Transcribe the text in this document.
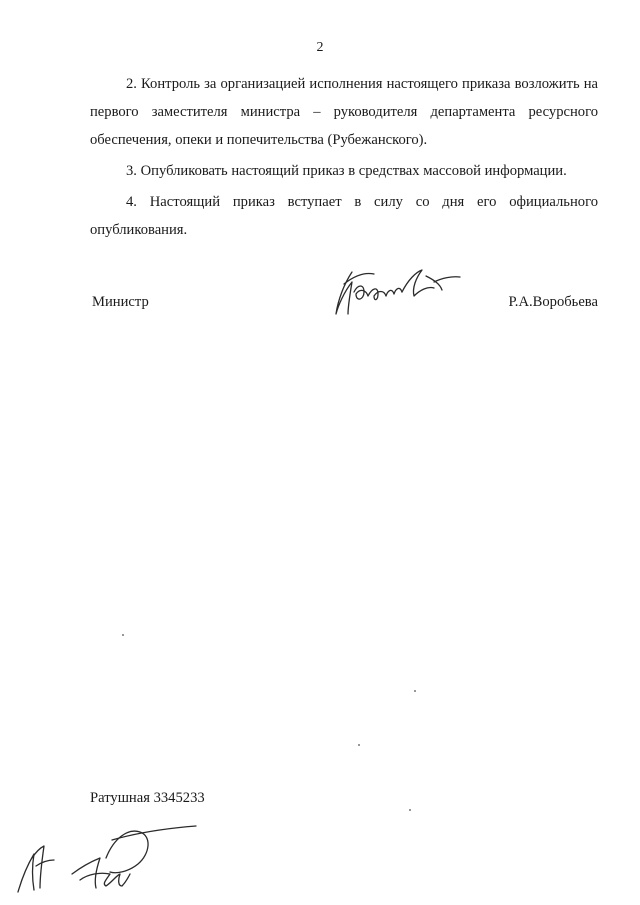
2

2. Контроль за организацией исполнения настоящего приказа возложить на первого заместителя министра – руководителя департамента ресурсного обеспечения, опеки и попечительства (Рубежанского).

3. Опубликовать настоящий приказ в средствах массовой информации.

4. Настоящий приказ вступает в силу со дня его официального опубликования.

Министр	Р.А.Воробьева
Ратушная 3345233
